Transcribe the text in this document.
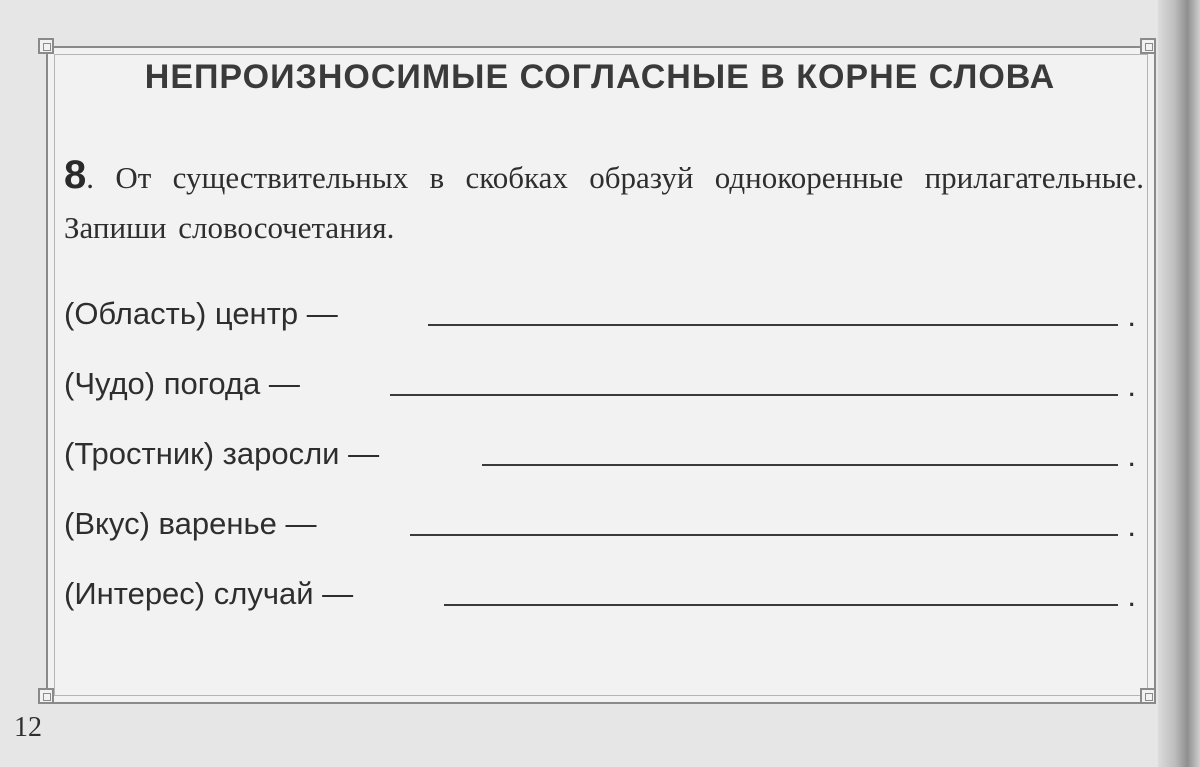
НЕПРОИЗНОСИМЫЕ СОГЛАСНЫЕ В КОРНЕ СЛОВА
8. От существительных в скобках образуй однокоренные прилагательные. Запиши словосочетания.
(Область) центр —	.
(Чудо) погода —	.
(Тростник) заросли —	.
(Вкус) варенье —	.
(Интерес) случай —	.
12
